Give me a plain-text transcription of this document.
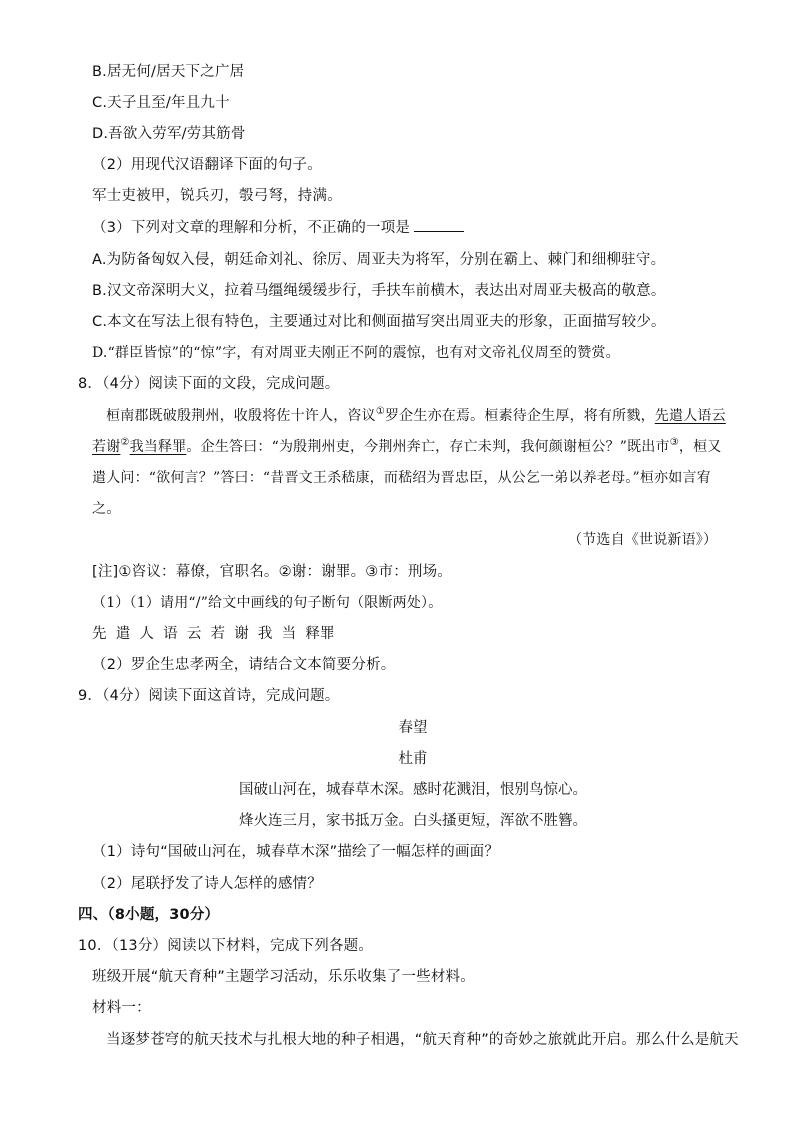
B.居无何/居天下之广居
C.天子且至/年且九十
D.吾欲入劳军/劳其筋骨
（2）用现代汉语翻译下面的句子。
军士吏被甲，锐兵刃，彀弓弩，持满。
（3）下列对文章的理解和分析，不正确的一项是
A.为防备匈奴入侵，朝廷命刘礼、徐厉、周亚夫为将军，分别在霸上、棘门和细柳驻守。
B.汉文帝深明大义，拉着马缰绳缓缓步行，手扶车前横木，表达出对周亚夫极高的敬意。
C.本文在写法上很有特色，主要通过对比和侧面描写突出周亚夫的形象，正面描写较少。
D.“群臣皆惊”的“惊”字，有对周亚夫刚正不阿的震惊，也有对文帝礼仪周至的赞赏。
8．（4分）阅读下面的文段，完成问题。
桓南郡既破殷荆州，收殷将佐十许人，咨议①罗企生亦在焉。桓素待企生厚，将有所戮，先遣人语云
若谢②我当释罪。企生答曰：“为殷荆州吏，今荆州奔亡，存亡未判，我何颜谢桓公？”既出市③，桓又
遣人问：“欲何言？”答曰：“昔晋文王杀嵇康，而嵇绍为晋忠臣，从公乞一弟以养老母。”桓亦如言宥
之。
（节选自《世说新语》）
[注]①咨议：幕僚，官职名。②谢：谢罪。③市：刑场。
（1）（1）请用“/”给文中画线的句子断句（限断两处）。
先 遣 人 语 云 若 谢 我 当 释罪
（2）罗企生忠孝两全，请结合文本简要分析。
9．（4分）阅读下面这首诗，完成问题。
春望
杜甫
国破山河在，城春草木深。感时花溅泪，恨别鸟惊心。
烽火连三月，家书抵万金。白头搔更短，浑欲不胜簪。
（1）诗句“国破山河在，城春草木深”描绘了一幅怎样的画面？
（2）尾联抒发了诗人怎样的感情？
四、（8小题，30分）
10．（13分）阅读以下材料，完成下列各题。
班级开展“航天育种”主题学习活动，乐乐收集了一些材料。
材料一：
当逐梦苍穹的航天技术与扎根大地的种子相遇，“航天育种”的奇妙之旅就此开启。那么什么是航天
